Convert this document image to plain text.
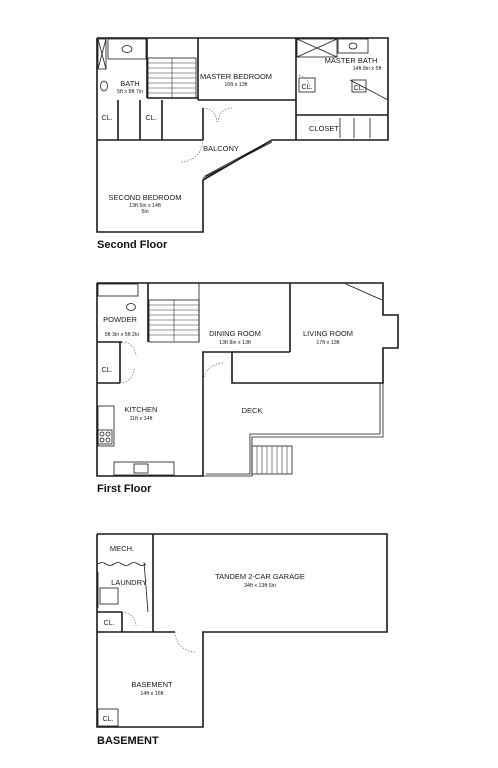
BATH
5ft x 8ft 7in
CL.	CL.
MASTER BEDROOM
16ft x 13ft
MASTER BATH
14ft 8in x 5ft
CL.	CL.
CLOSET
BALCONY
SECOND BEDROOM
13ft 5in x 14ft
5in
Second Floor
POWDER
5ft 3in x 5ft 2in
CL.
DINING ROOM
13ft 8in x 13ft
LIVING ROOM
17ft x 13ft
KITCHEN
11ft x 14ft
DECK
First Floor
MECH.
LAUNDRY
CL.
TANDEM 2-CAR GARAGE
34ft x 13ft 6in
BASEMENT
14ft x 16ft
CL.
BASEMENT
